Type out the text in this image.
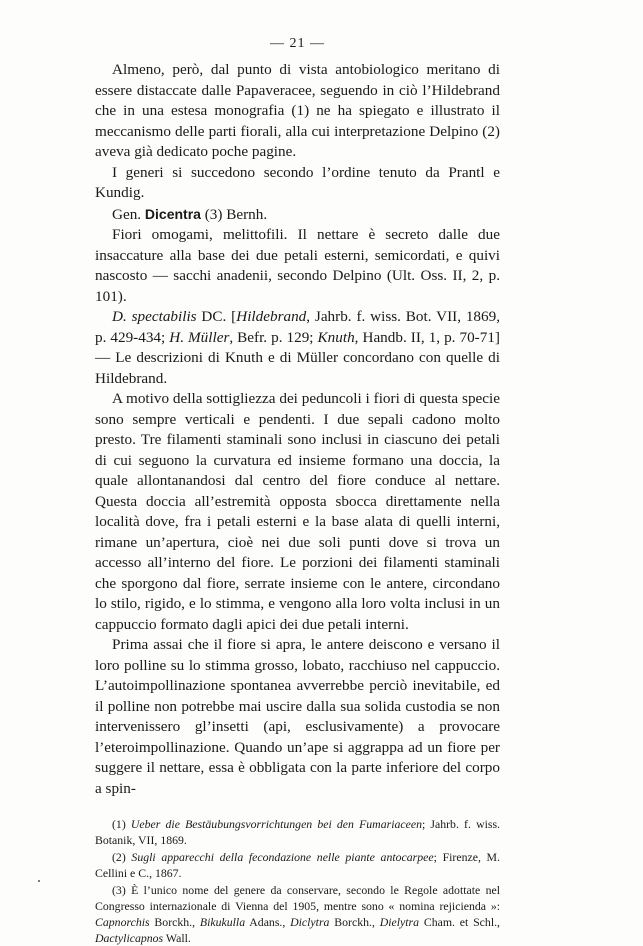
— 21 —

Almeno, però, dal punto di vista antobiologico meritano di essere distaccate dalle Papaveracee, seguendo in ciò l’Hildebrand che in una estesa monografia (1) ne ha spiegato e illustrato il meccanismo delle parti fiorali, alla cui interpretazione Delpino (2) aveva già dedicato poche pagine.

I generi si succedono secondo l’ordine tenuto da Prantl e Kundig.

Gen. Dicentra (3) Bernh.

Fiori omogami, melittofili. Il nettare è secreto dalle due insaccature alla base dei due petali esterni, semicordati, e quivi nascosto — sacchi anadenii, secondo Delpino (Ult. Oss. II, 2, p. 101).

D. spectabilis DC. [Hildebrand, Jahrb. f. wiss. Bot. VII, 1869, p. 429-434; H. Müller, Befr. p. 129; Knuth, Handb. II, 1, p. 70-71] — Le descrizioni di Knuth e di Müller concordano con quelle di Hildebrand.

A motivo della sottigliezza dei peduncoli i fiori di questa specie sono sempre verticali e pendenti. I due sepali cadono molto presto. Tre filamenti staminali sono inclusi in ciascuno dei petali di cui seguono la curvatura ed insieme formano una doccia, la quale allontanandosi dal centro del fiore conduce al nettare. Questa doccia all’estremità opposta sbocca direttamente nella località dove, fra i petali esterni e la base alata di quelli interni, rimane un’apertura, cioè nei due soli punti dove si trova un accesso all’interno del fiore. Le porzioni dei filamenti staminali che sporgono dal fiore, serrate insieme con le antere, circondano lo stilo, rigido, e lo stimma, e vengono alla loro volta inclusi in un cappuccio formato dagli apici dei due petali interni.

Prima assai che il fiore si apra, le antere deiscono e versano il loro polline su lo stimma grosso, lobato, racchiuso nel cappuccio. L’autoimpollinazione spontanea avverrebbe perciò inevitabile, ed il polline non potrebbe mai uscire dalla sua solida custodia se non intervenissero gl’insetti (api, esclusivamente) a provocare l’eteroimpollinazione. Quando un’ape si aggrappa ad un fiore per suggere il nettare, essa è obbligata con la parte inferiore del corpo a spin-

(1) Ueber die Bestäubungsvorrichtungen bei den Fumariaceen; Jahrb. f. wiss. Botanik, VII, 1869.

(2) Sugli apparecchi della fecondazione nelle piante antocarpee; Firenze, M. Cellini e C., 1867.

(3) È l’unico nome del genere da conservare, secondo le Regole adottate nel Congresso internazionale di Vienna del 1905, mentre sono « nomina rejicienda »: Capnorchis Borckh., Bikukulla Adans., Diclytra Borckh., Dielytra Cham. et Schl., Dactylicapnos Wall.
